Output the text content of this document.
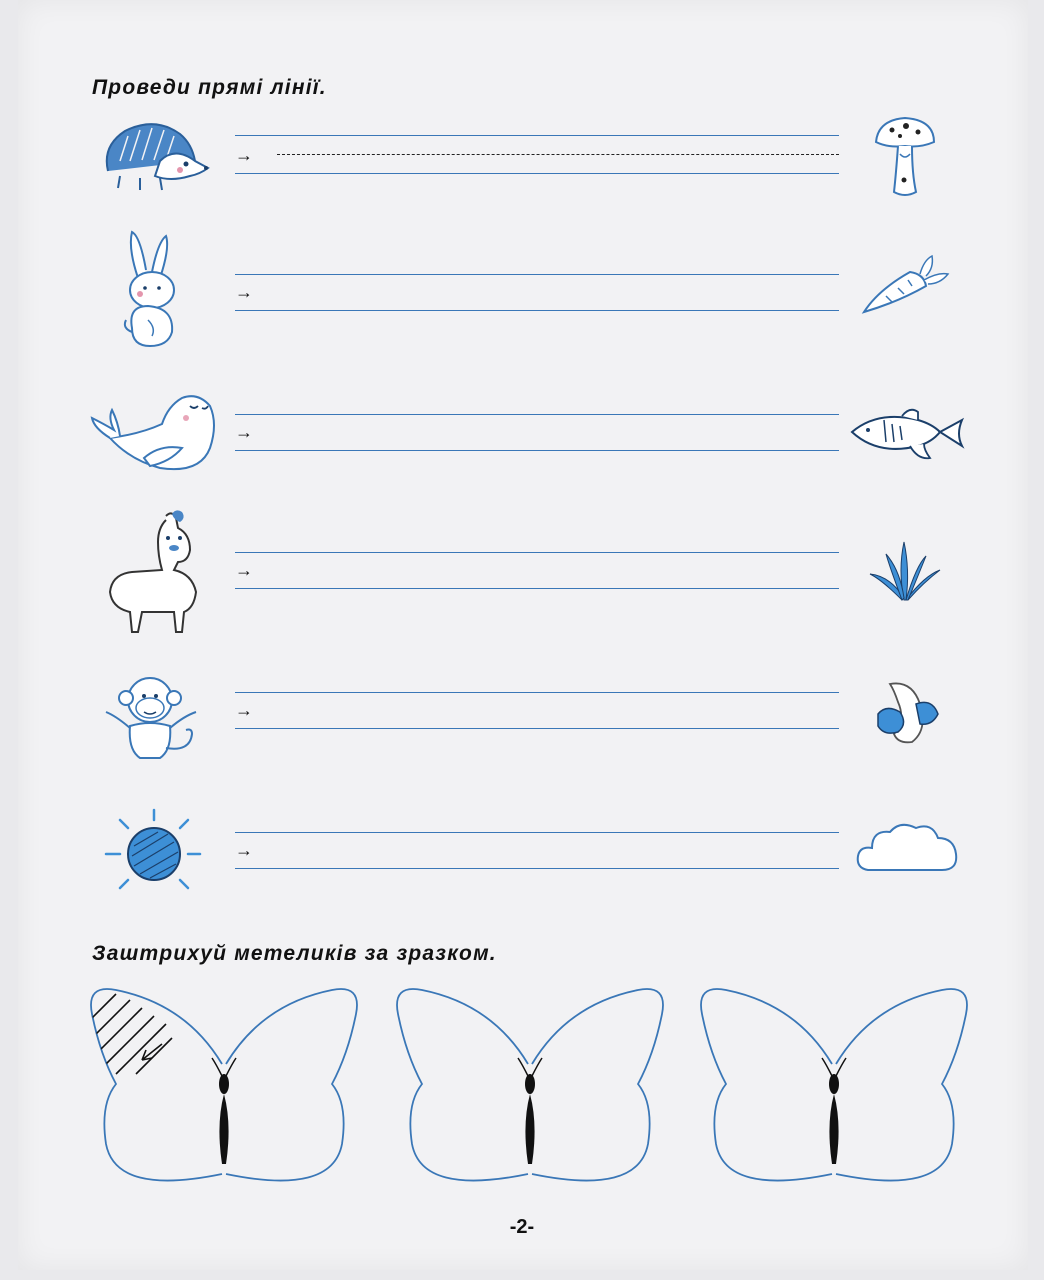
Проведи прямі лінії.
→
→
→
→
→
→
Заштрихуй метеликів за зразком.
-2-
